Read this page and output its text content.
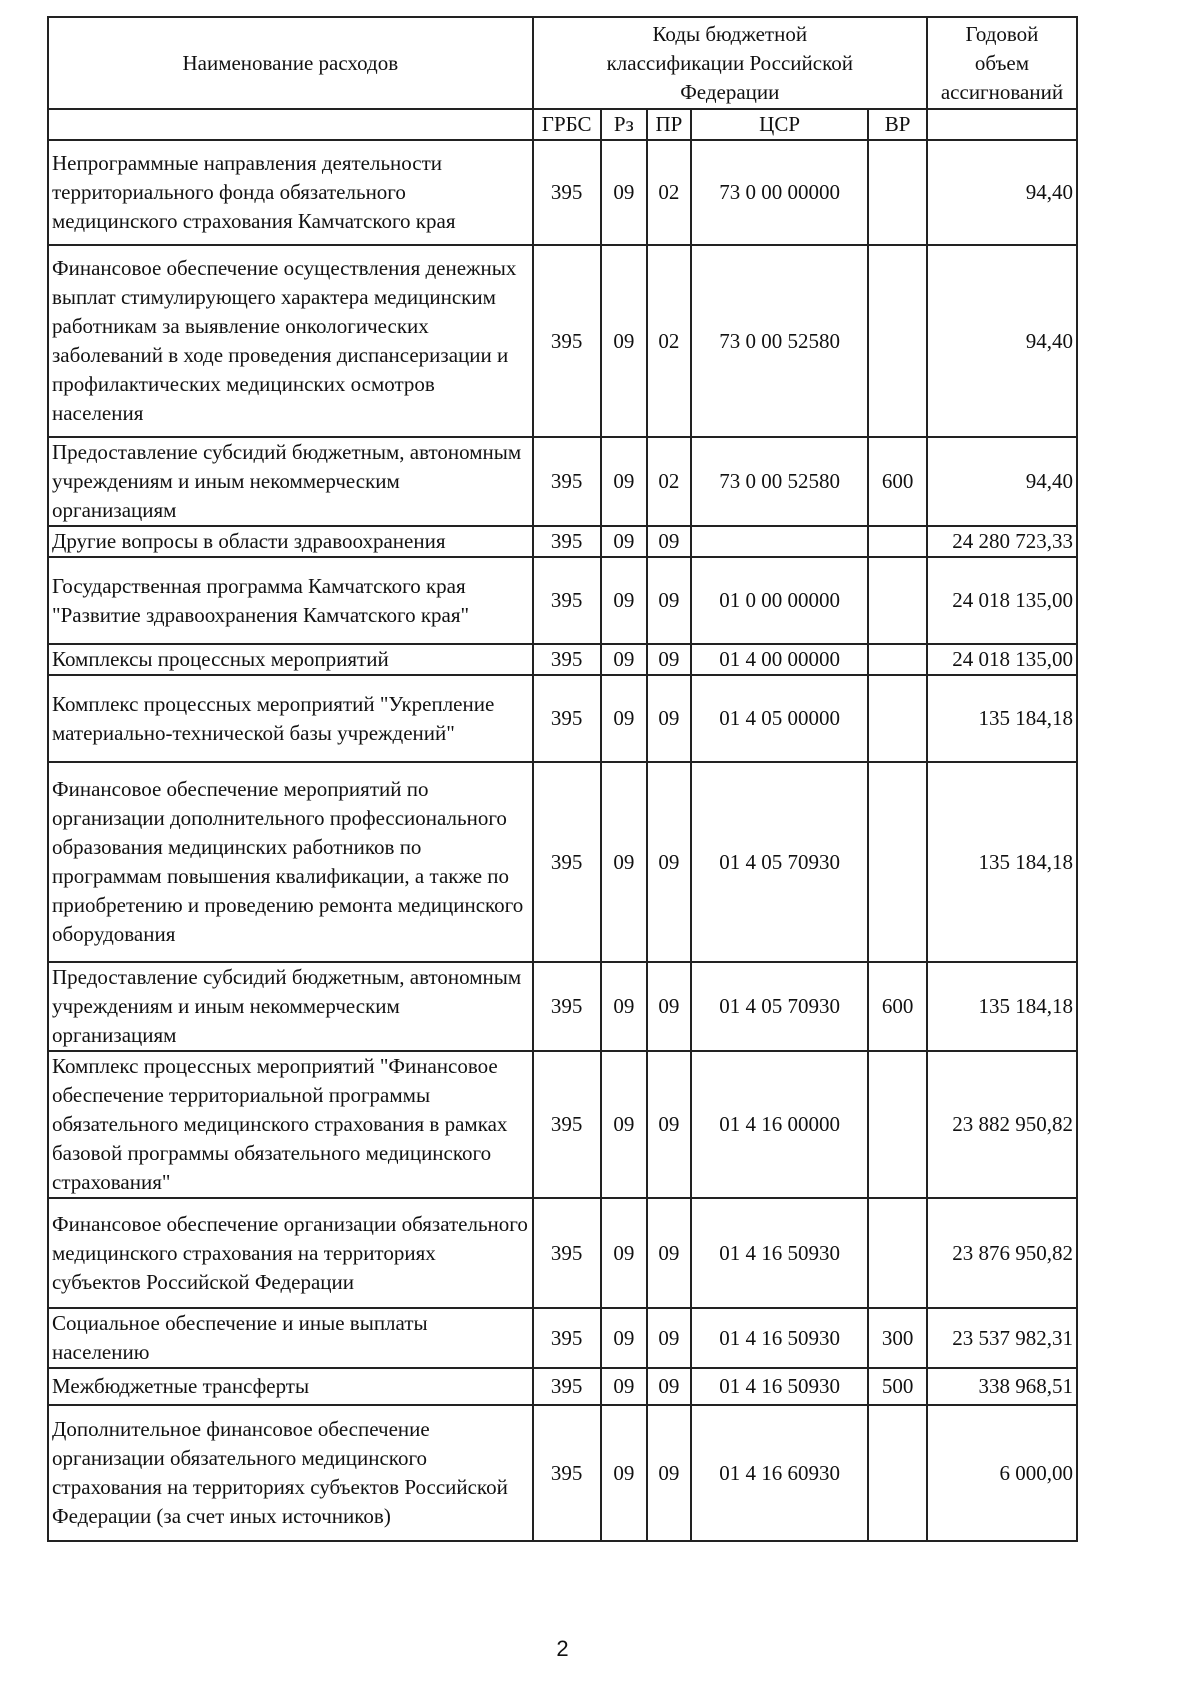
Наименование расходов	Коды бюджетной классификации Российской Федерации					Годовой объем ассигнований
	ГРБС	Рз	ПР	ЦСР	ВР	
Непрограммные направления деятельности территориального фонда обязательного медицинского страхования Камчатского края	395	09	02	73 0 00 00000		94,40
Финансовое обеспечение осуществления денежных выплат стимулирующего характера медицинским работникам за выявление онкологических заболеваний в ходе проведения диспансеризации и профилактических медицинских осмотров населения	395	09	02	73 0 00 52580		94,40
Предоставление субсидий бюджетным, автономным учреждениям и иным некоммерческим организациям	395	09	02	73 0 00 52580	600	94,40
Другие вопросы в области здравоохранения	395	09	09			24 280 723,33
Государственная программа Камчатского края "Развитие здравоохранения Камчатского края"	395	09	09	01 0 00 00000		24 018 135,00
Комплексы процессных мероприятий	395	09	09	01 4 00 00000		24 018 135,00
Комплекс процессных мероприятий "Укрепление материально-технической базы учреждений"	395	09	09	01 4 05 00000		135 184,18
Финансовое обеспечение мероприятий по организации дополнительного профессионального образования медицинских работников по программам повышения квалификации, а также по приобретению и проведению ремонта медицинского оборудования	395	09	09	01 4 05 70930		135 184,18
Предоставление субсидий бюджетным, автономным учреждениям и иным некоммерческим организациям	395	09	09	01 4 05 70930	600	135 184,18
Комплекс процессных мероприятий "Финансовое обеспечение территориальной программы обязательного медицинского страхования в рамках базовой программы обязательного медицинского страхования"	395	09	09	01 4 16 00000		23 882 950,82
Финансовое обеспечение организации обязательного медицинского страхования на территориях субъектов Российской Федерации	395	09	09	01 4 16 50930		23 876 950,82
Социальное обеспечение и иные выплаты населению	395	09	09	01 4 16 50930	300	23 537 982,31
Межбюджетные трансферты	395	09	09	01 4 16 50930	500	338 968,51
Дополнительное финансовое обеспечение организации обязательного медицинского страхования на территориях субъектов Российской Федерации (за счет иных источников)	395	09	09	01 4 16 60930		6 000,00
2
